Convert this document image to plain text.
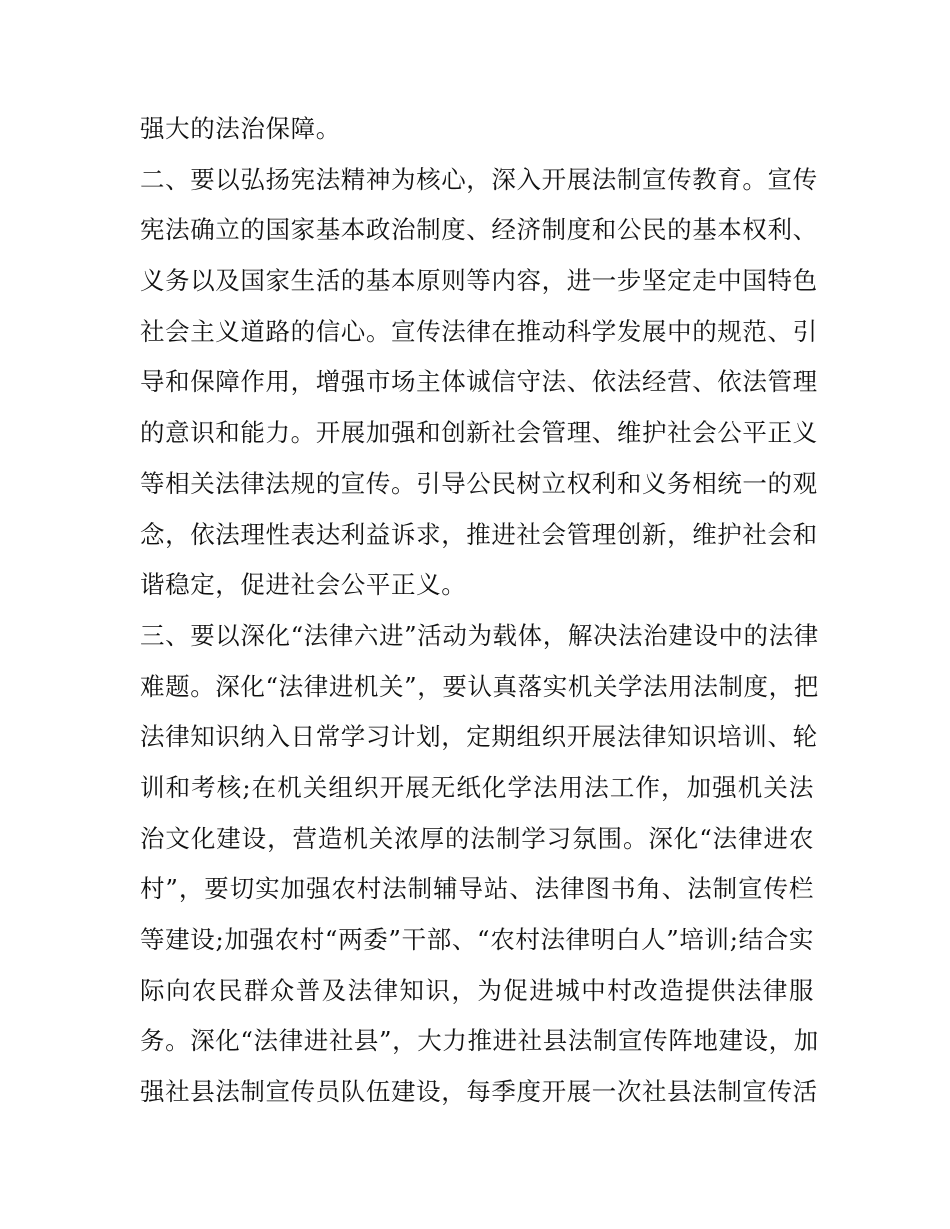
强大的法治保障。
二、要以弘扬宪法精神为核心，深入开展法制宣传教育。宣传
宪法确立的国家基本政治制度、经济制度和公民的基本权利、
义务以及国家生活的基本原则等内容，进一步坚定走中国特色
社会主义道路的信心。宣传法律在推动科学发展中的规范、引
导和保障作用，增强市场主体诚信守法、依法经营、依法管理
的意识和能力。开展加强和创新社会管理、维护社会公平正义
等相关法律法规的宣传。引导公民树立权利和义务相统一的观
念，依法理性表达利益诉求，推进社会管理创新，维护社会和
谐稳定，促进社会公平正义。
三、要以深化“法律六进”活动为载体，解决法治建设中的法律
难题。深化“法律进机关”，要认真落实机关学法用法制度，把
法律知识纳入日常学习计划，定期组织开展法律知识培训、轮
训和考核;在机关组织开展无纸化学法用法工作，加强机关法
治文化建设，营造机关浓厚的法制学习氛围。深化“法律进农
村”，要切实加强农村法制辅导站、法律图书角、法制宣传栏
等建设;加强农村“两委”干部、“农村法律明白人”培训;结合实
际向农民群众普及法律知识，为促进城中村改造提供法律服
务。深化“法律进社县”，大力推进社县法制宣传阵地建设，加
强社县法制宣传员队伍建设，每季度开展一次社县法制宣传活
